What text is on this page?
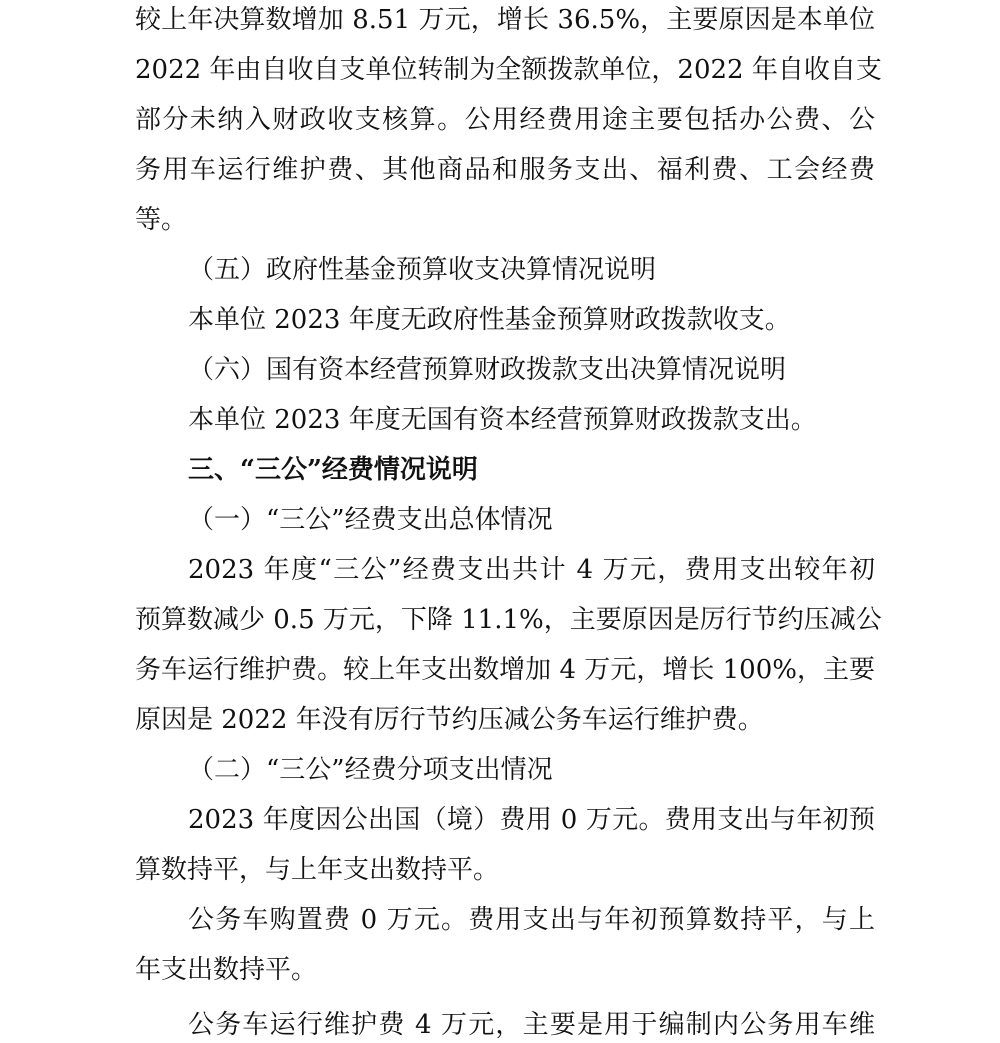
较上年决算数增加 8.51 万元，增长 36.5%，主要原因是本单位
2022 年由自收自支单位转制为全额拨款单位，2022 年自收自支
部分未纳入财政收支核算。公用经费用途主要包括办公费、公
务用车运行维护费、其他商品和服务支出、福利费、工会经费
等。
（五）政府性基金预算收支决算情况说明
本单位 2023 年度无政府性基金预算财政拨款收支。
（六）国有资本经营预算财政拨款支出决算情况说明
本单位 2023 年度无国有资本经营预算财政拨款支出。
三、“三公”经费情况说明
（一）“三公”经费支出总体情况
2023 年度“三公”经费支出共计 4 万元，费用支出较年初
预算数减少 0.5 万元，下降 11.1%，主要原因是厉行节约压减公
务车运行维护费。较上年支出数增加 4 万元，增长 100%，主要
原因是 2022 年没有厉行节约压减公务车运行维护费。
（二）“三公”经费分项支出情况
2023 年度因公出国（境）费用 0 万元。费用支出与年初预
算数持平，与上年支出数持平。
公务车购置费 0 万元。费用支出与年初预算数持平，与上
年支出数持平。
公务车运行维护费 4 万元，主要是用于编制内公务用车维
